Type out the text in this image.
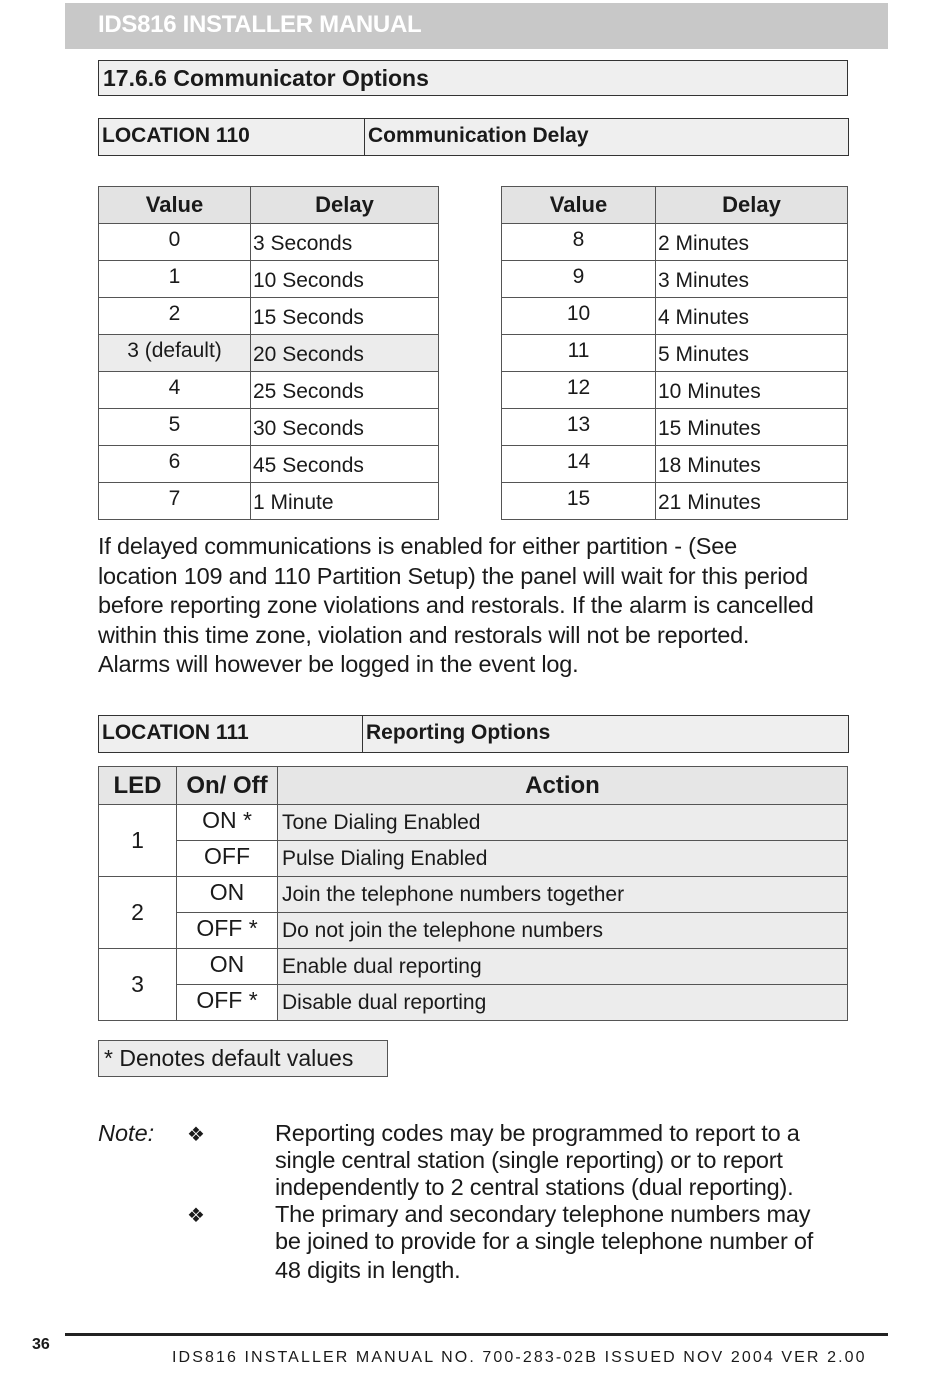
IDS816 INSTALLER MANUAL
17.6.6 Communicator Options
LOCATION 110	Communication Delay
Value	Delay
0	3 Seconds
1	10 Seconds
2	15 Seconds
3 (default)	20 Seconds
4	25 Seconds
5	30 Seconds
6	45 Seconds
7	1 Minute
Value	Delay
8	2 Minutes
9	3 Minutes
10	4 Minutes
11	5 Minutes
12	10 Minutes
13	15 Minutes
14	18 Minutes
15	21 Minutes
If delayed communications is enabled for either partition - (See
location 109 and 110 Partition Setup) the panel will wait for this period
before reporting zone violations and restorals. If the alarm is cancelled
within this time zone, violation and restorals will not be reported.
Alarms will however be logged in the event log.
LOCATION 111	Reporting Options
LED	On/ Off	Action
1	ON *	Tone Dialing Enabled
	OFF	Pulse Dialing Enabled
2	ON	Join the telephone numbers together
	OFF *	Do not join the telephone numbers
3	ON	Enable dual reporting
	OFF *	Disable dual reporting
* Denotes default values
Note: ❖	Reporting codes may be programmed to report to a
single central station (single reporting) or to report
independently to 2 central stations (dual reporting).
❖	The primary and secondary telephone numbers may
be joined to provide for a single telephone number of
48 digits in length.
36
IDS816 INSTALLER MANUAL NO. 700-283-02B ISSUED NOV 2004 VER 2.00
